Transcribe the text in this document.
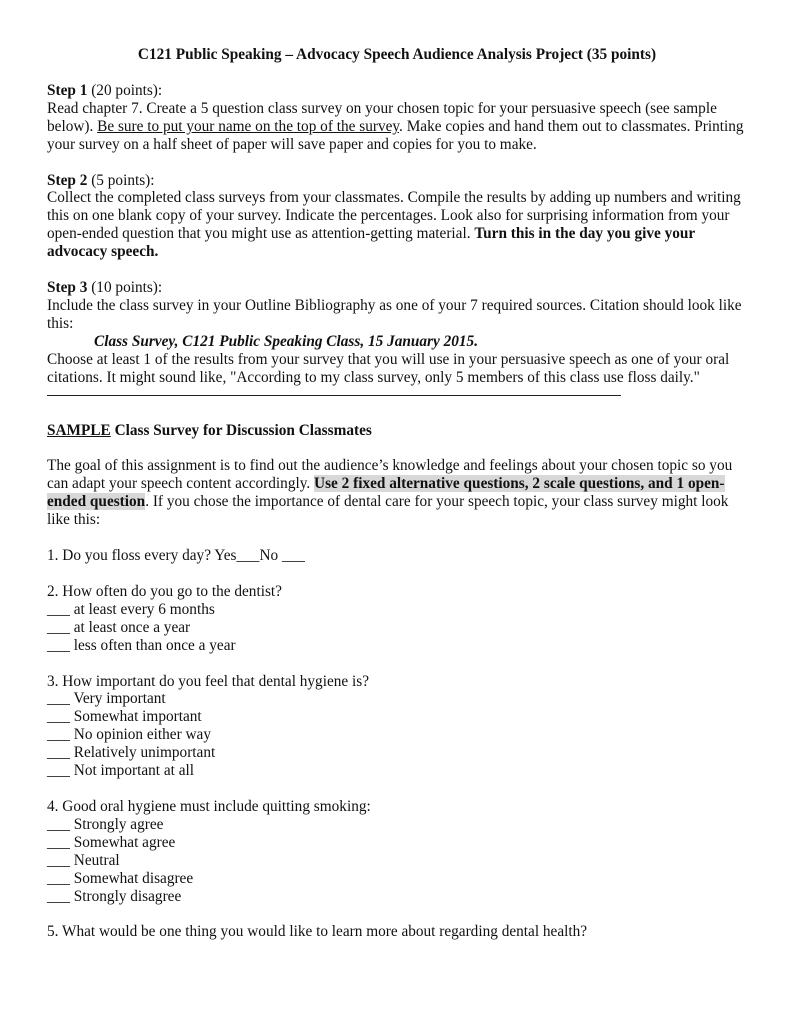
C121 Public Speaking – Advocacy Speech Audience Analysis Project (35 points)

Step 1 (20 points):

Read chapter 7. Create a 5 question class survey on your chosen topic for your persuasive speech (see sample below). Be sure to put your name on the top of the survey. Make copies and hand them out to classmates. Printing your survey on a half sheet of paper will save paper and copies for you to make.

Step 2 (5 points):

Collect the completed class surveys from your classmates. Compile the results by adding up numbers and writing this on one blank copy of your survey. Indicate the percentages. Look also for surprising information from your open-ended question that you might use as attention-getting material. Turn this in the day you give your advocacy speech.

Step 3 (10 points):

Include the class survey in your Outline Bibliography as one of your 7 required sources. Citation should look like this:

Class Survey, C121 Public Speaking Class, 15 January 2015.

Choose at least 1 of the results from your survey that you will use in your persuasive speech as one of your oral citations. It might sound like, "According to my class survey, only 5 members of this class use floss daily."

SAMPLE Class Survey for Discussion Classmates

The goal of this assignment is to find out the audience’s knowledge and feelings about your chosen topic so you can adapt your speech content accordingly. Use 2 fixed alternative questions, 2 scale questions, and 1 open-ended question. If you chose the importance of dental care for your speech topic, your class survey might look like this:

1. Do you floss every day? Yes___No ___

2. How often do you go to the dentist?

___ at least every 6 months
___ at least once a year
___ less often than once a year

3. How important do you feel that dental hygiene is?

___ Very important
___ Somewhat important
___ No opinion either way
___ Relatively unimportant
___ Not important at all

4. Good oral hygiene must include quitting smoking:

___ Strongly agree
___ Somewhat agree
___ Neutral
___ Somewhat disagree
___ Strongly disagree

5. What would be one thing you would like to learn more about regarding dental health?
